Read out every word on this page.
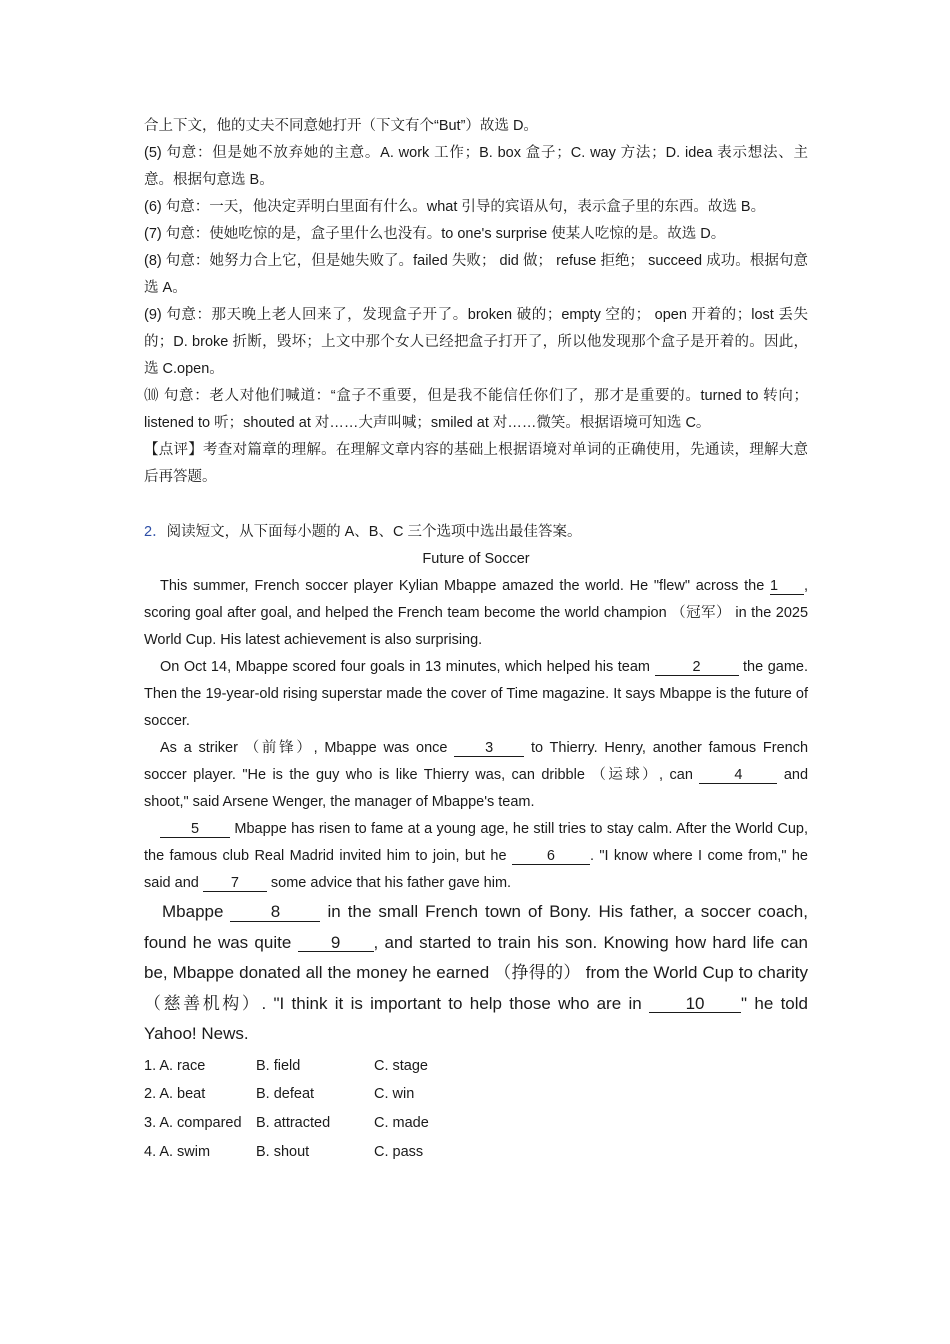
合上下文，他的丈夫不同意她打开（下文有个“But”）故选 D。

(5) 句意：但是她不放弃她的主意。A. work 工作；B. box 盒子；C. way 方法；D. idea 表示想法、主意。根据句意选 B。

(6) 句意：一天，他决定弄明白里面有什么。what 引导的宾语从句，表示盒子里的东西。故选 B。

(7) 句意：使她吃惊的是，盒子里什么也没有。to one's surprise 使某人吃惊的是。故选 D。

(8) 句意：她努力合上它，但是她失败了。failed 失败； did 做； refuse 拒绝； succeed 成功。根据句意选 A。

(9) 句意：那天晚上老人回来了，发现盒子开了。broken 破的；empty 空的； open 开着的；lost 丢失的；D. broke 折断，毁坏；上文中那个女人已经把盒子打开了，所以他发现那个盒子是开着的。因此，选 C.open。

⑽ 句意：老人对他们喊道：“盒子不重要，但是我不能信任你们了，那才是重要的。turned to 转向；listened to 听；shouted at 对……大声叫喊；smiled at 对……微笑。根据语境可知选 C。

【点评】考查对篇章的理解。在理解文章内容的基础上根据语境对单词的正确使用，先通读，理解大意后再答题。

2．阅读短文，从下面每小题的 A、B、C 三个选项中选出最佳答案。

Future of Soccer

This summer, French soccer player Kylian Mbappe amazed the world. He "flew" across the 1 , scoring goal after goal, and helped the French team become the world champion （冠军） in the 2025 World Cup. His latest achievement is also surprising.

On Oct 14, Mbappe scored four goals in 13 minutes, which helped his team	2	the game. Then the 19-year-old rising superstar made the cover of Time magazine. It says Mbappe is the future of soccer.

As a striker （前锋）, Mbappe was once	3	to Thierry. Henry, another famous French soccer player. "He is the guy who is like Thierry was, can dribble （运球）, can	4	and shoot," said Arsene Wenger, the manager of Mbappe's team.

5 Mbappe has risen to fame at a young age, he still tries to stay calm. After the World Cup, the famous club Real Madrid invited him to join, but he	6 . "I know where I come from," he said and 7 some advice that his father gave him.

Mbappe	8	in the small French town of Bony. His father, a soccer coach, found he was quite 9 , and started to train his son. Knowing how hard life can be, Mbappe donated all the money he earned （挣得的） from the World Cup to charity （慈善机构）. "I think it is important to help those who are in	10 " he told Yahoo! News.

1. A. race	B. field	C. stage
2. A. beat	B. defeat	C. win
3. A. compared B. attracted	C. made
4. A. swim	B. shout	C. pass
